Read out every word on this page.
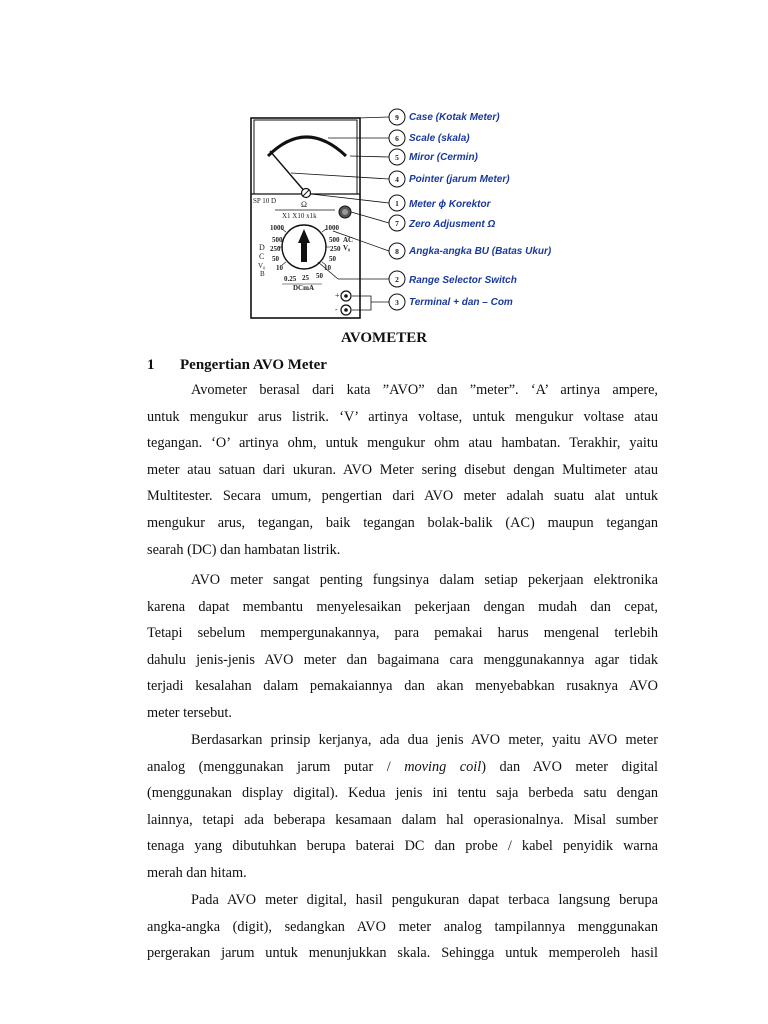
SP 10 D	Ω
X1 X10 x1k
1000
500
250
50
10
1000
500
250
50
10
AC
V₀
D
C
V₀
B
0.25 25 50
DCmA
+
-
9 Case (Kotak Meter)
6 Scale (skala)
5 Miror (Cermin)
4 Pointer (jarum Meter)
1 Meter ϕ Korektor
7 Zero Adjusment Ω
8 Angka-angka BU (Batas Ukur)
2 Range Selector Switch
3 Terminal + dan – Com
AVOMETER
1 Pengertian AVO Meter
Avometer berasal dari kata ”AVO” dan ”meter”. ‘A’ artinya ampere,
untuk mengukur arus listrik. ‘V’ artinya voltase, untuk mengukur voltase atau
tegangan. ‘O’ artinya ohm, untuk mengukur ohm atau hambatan. Terakhir, yaitu
meter atau satuan dari ukuran. AVO Meter sering disebut dengan Multimeter atau
Multitester. Secara umum, pengertian dari AVO meter adalah suatu alat untuk
mengukur arus, tegangan, baik tegangan bolak-balik (AC) maupun tegangan
searah (DC) dan hambatan listrik.
AVO meter sangat penting fungsinya dalam setiap pekerjaan elektronika
karena dapat membantu menyelesaikan pekerjaan dengan mudah dan cepat,
Tetapi sebelum mempergunakannya, para pemakai harus mengenal terlebih
dahulu jenis-jenis AVO meter dan bagaimana cara menggunakannya agar tidak
terjadi kesalahan dalam pemakaiannya dan akan menyebabkan rusaknya AVO
meter tersebut.
Berdasarkan prinsip kerjanya, ada dua jenis AVO meter, yaitu AVO meter
analog (menggunakan jarum putar / moving coil) dan AVO meter digital
(menggunakan display digital). Kedua jenis ini tentu saja berbeda satu dengan
lainnya, tetapi ada beberapa kesamaan dalam hal operasionalnya. Misal sumber
tenaga yang dibutuhkan berupa baterai DC dan probe / kabel penyidik warna
merah dan hitam.
Pada AVO meter digital, hasil pengukuran dapat terbaca langsung berupa
angka-angka (digit), sedangkan AVO meter analog tampilannya menggunakan
pergerakan jarum untuk menunjukkan skala. Sehingga untuk memperoleh hasil
